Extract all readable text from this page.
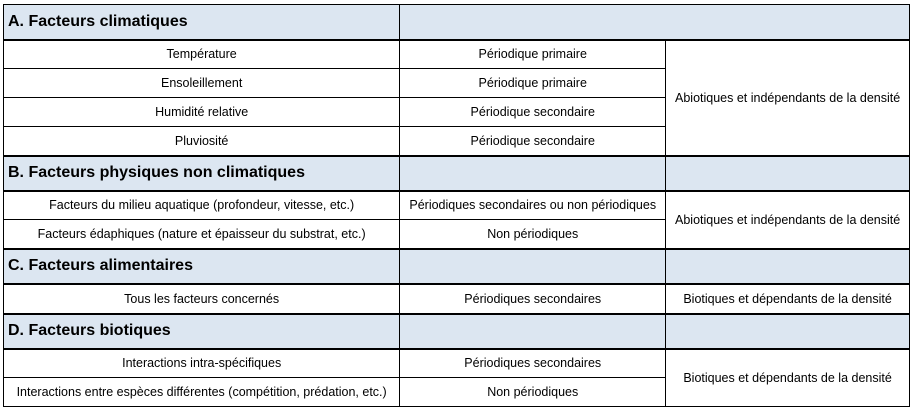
A. Facteurs climatiques		
Température	Périodique primaire	Abiotiques et indépendants de la densité
Ensoleillement	Périodique primaire	
Humidité relative	Périodique secondaire	
Pluviosité	Périodique secondaire	
B. Facteurs physiques non climatiques		
Facteurs du milieu aquatique (profondeur, vitesse, etc.)	Périodiques secondaires ou non périodiques	Abiotiques et indépendants de la densité
Facteurs édaphiques (nature et épaisseur du substrat, etc.)	Non périodiques	
C. Facteurs alimentaires		
Tous les facteurs concernés	Périodiques secondaires	Biotiques et dépendants de la densité
D. Facteurs biotiques		
Interactions intra-spécifiques	Périodiques secondaires	Biotiques et dépendants de la densité
Interactions entre espèces différentes (compétition, prédation, etc.)	Non périodiques	
